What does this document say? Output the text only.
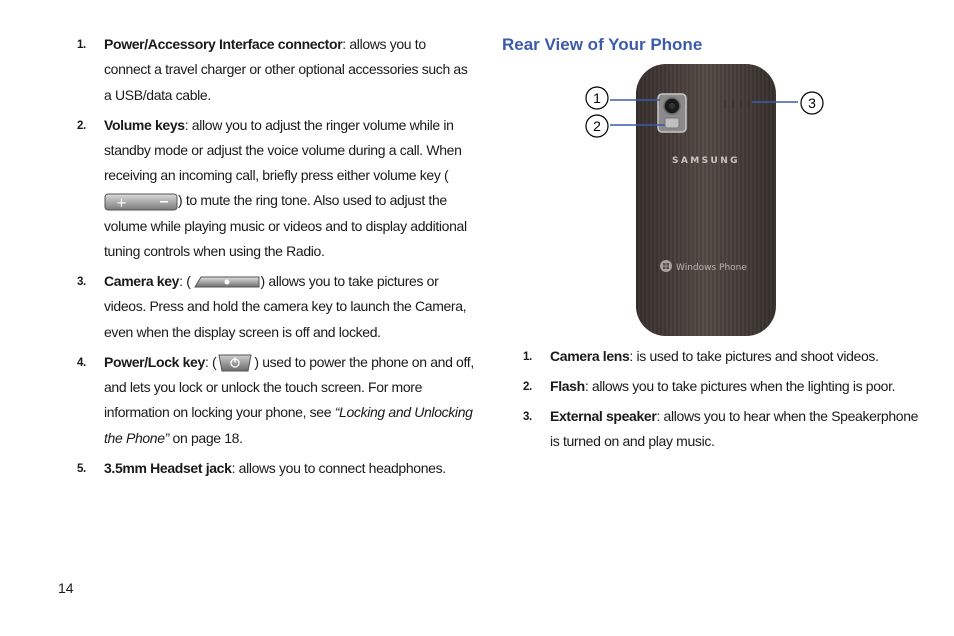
1. Power/Accessory Interface connector: allows you to connect a travel charger or other optional accessories such as a USB/data cable.
2. Volume keys: allow you to adjust the ringer volume while in standby mode or adjust the voice volume during a call. When receiving an incoming call, briefly press either volume key (
+	) to mute the ring tone. Also used to adjust the volume while playing music or videos and to display additional tuning controls when using the Radio.
3. Camera key: (	) allows you to take pictures or videos. Press and hold the camera key to launch the Camera, even when the display screen is off and locked.
4. Power/Lock key: (	) used to power the phone on and off, and lets you lock or unlock the touch screen. For more information on locking your phone, see “Locking and Unlocking the Phone” on page 18.
5. 3.5mm Headset jack: allows you to connect headphones.
Rear View of Your Phone
SAMSUNG
Windows Phone
1
2
3
1. Camera lens: is used to take pictures and shoot videos.
2. Flash: allows you to take pictures when the lighting is poor.
3. External speaker: allows you to hear when the Speakerphone is turned on and play music.
14
